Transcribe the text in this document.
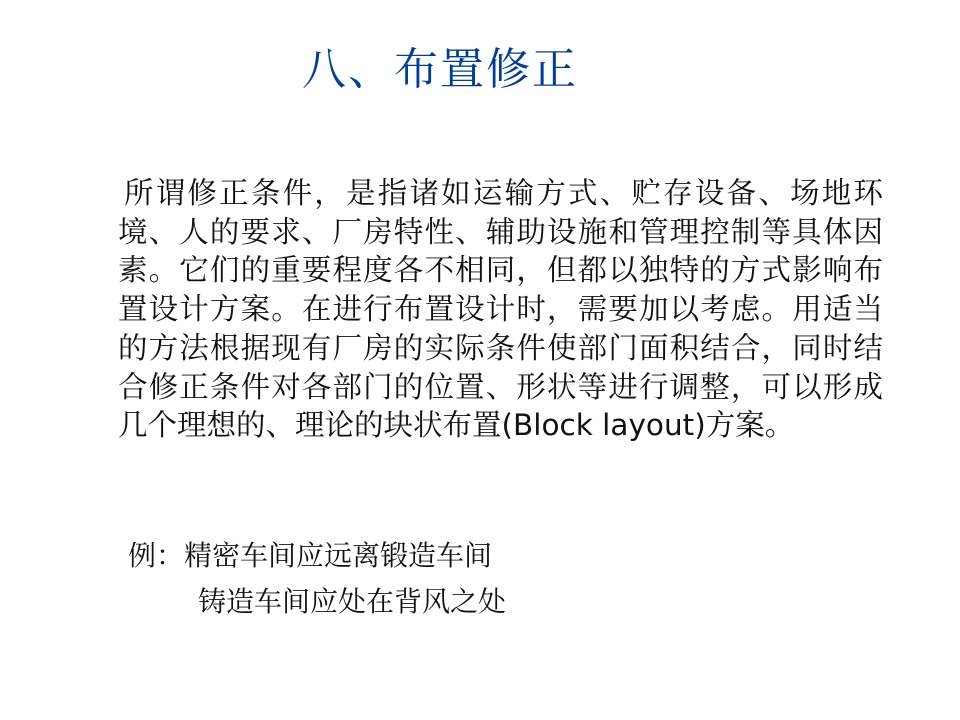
八、布置修正

所谓修正条件，是指诸如运输方式、贮存设备、场地环境、人的要求、厂房特性、辅助设施和管理控制等具体因素。它们的重要程度各不相同，但都以独特的方式影响布置设计方案。在进行布置设计时，需要加以考虑。用适当的方法根据现有厂房的实际条件使部门面积结合，同时结合修正条件对各部门的位置、形状等进行调整，可以形成几个理想的、理论的块状布置(Block layout)方案。

例：精密车间应远离锻造车间

铸造车间应处在背风之处
